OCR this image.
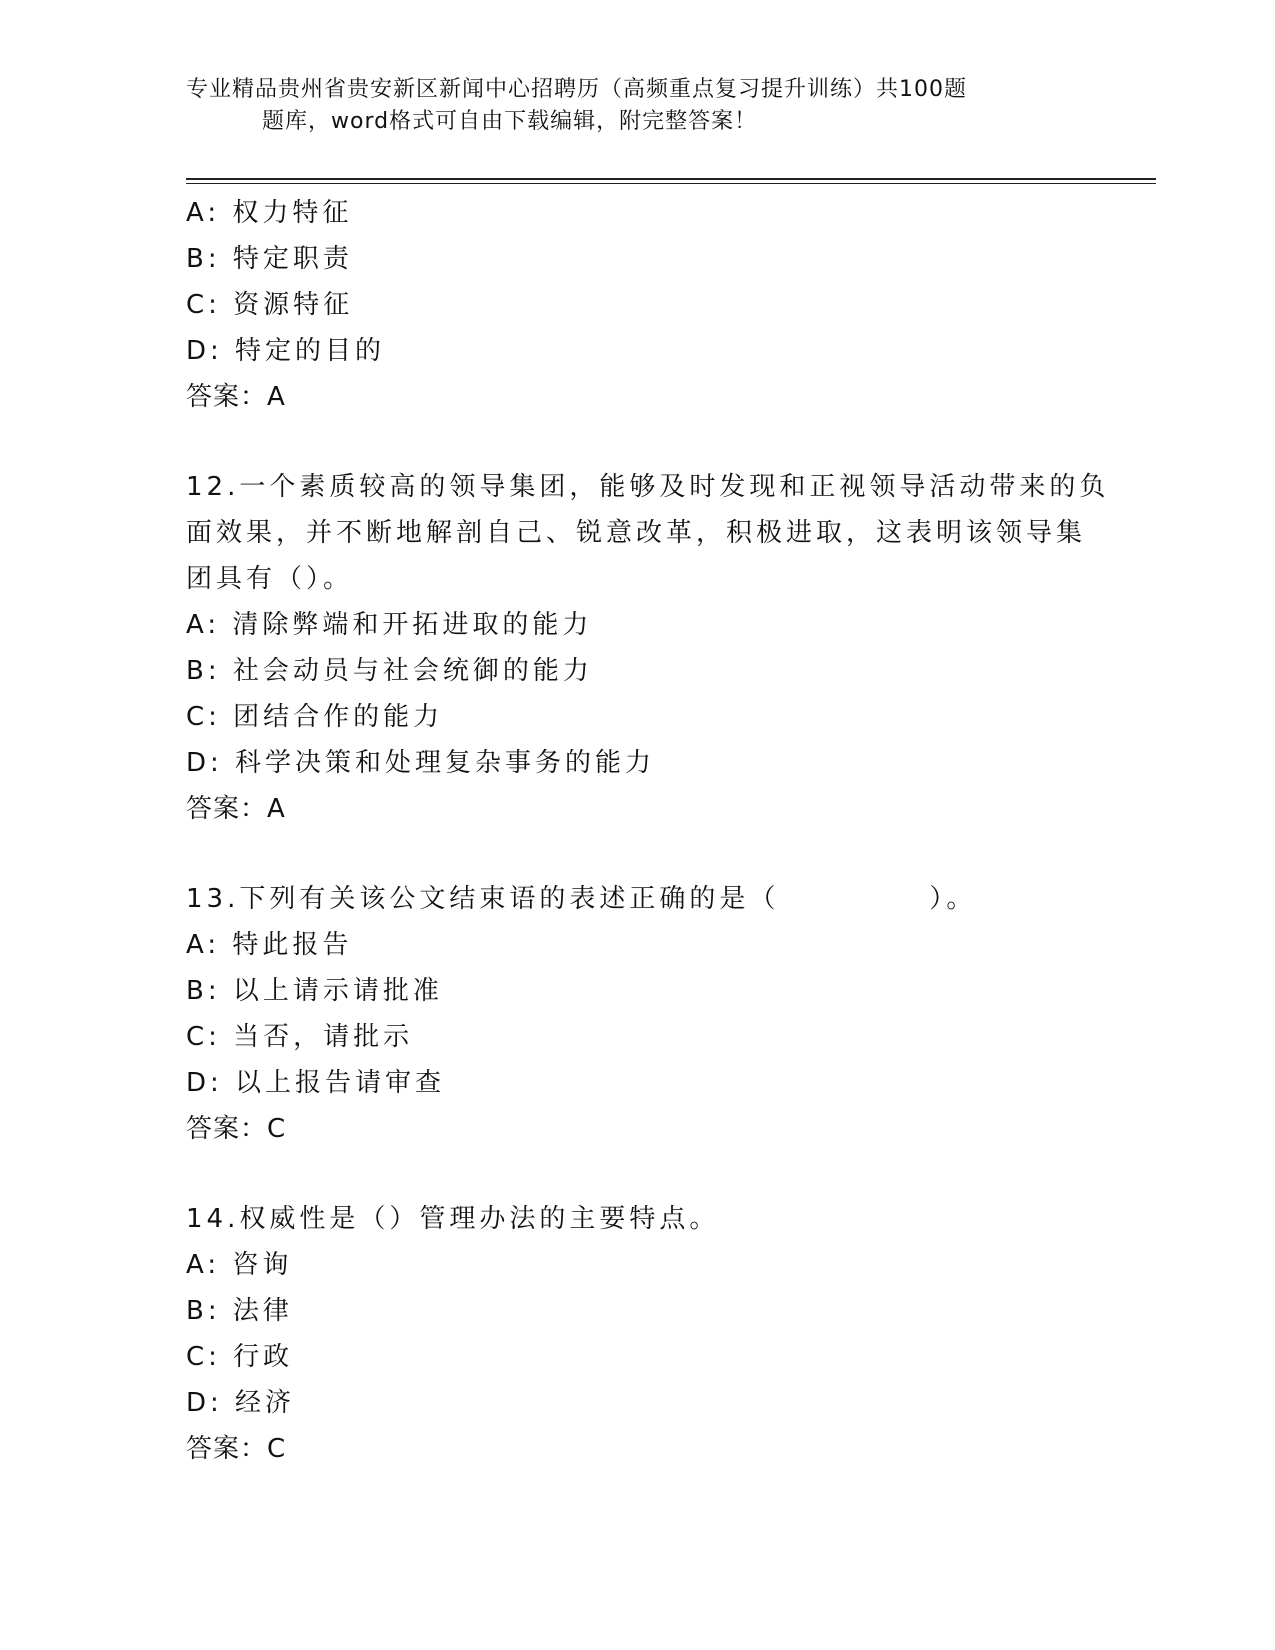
专业精品贵州省贵安新区新闻中心招聘历（高频重点复习提升训练）共100题
题库，word格式可自由下载编辑，附完整答案！
A: 权力特征
B: 特定职责
C: 资源特征
D: 特定的目的
答案：A
12.一个素质较高的领导集团，能够及时发现和正视领导活动带来的负
面效果，并不断地解剖自己、锐意改革，积极进取，这表明该领导集
团具有（）。
A: 清除弊端和开拓进取的能力
B: 社会动员与社会统御的能力
C: 团结合作的能力
D: 科学决策和处理复杂事务的能力
答案：A
13.下列有关该公文结束语的表述正确的是（　　　　　）。
A: 特此报告
B: 以上请示请批准
C: 当否，请批示
D: 以上报告请审查
答案：C
14.权威性是（）管理办法的主要特点。
A: 咨询
B: 法律
C: 行政
D: 经济
答案：C
